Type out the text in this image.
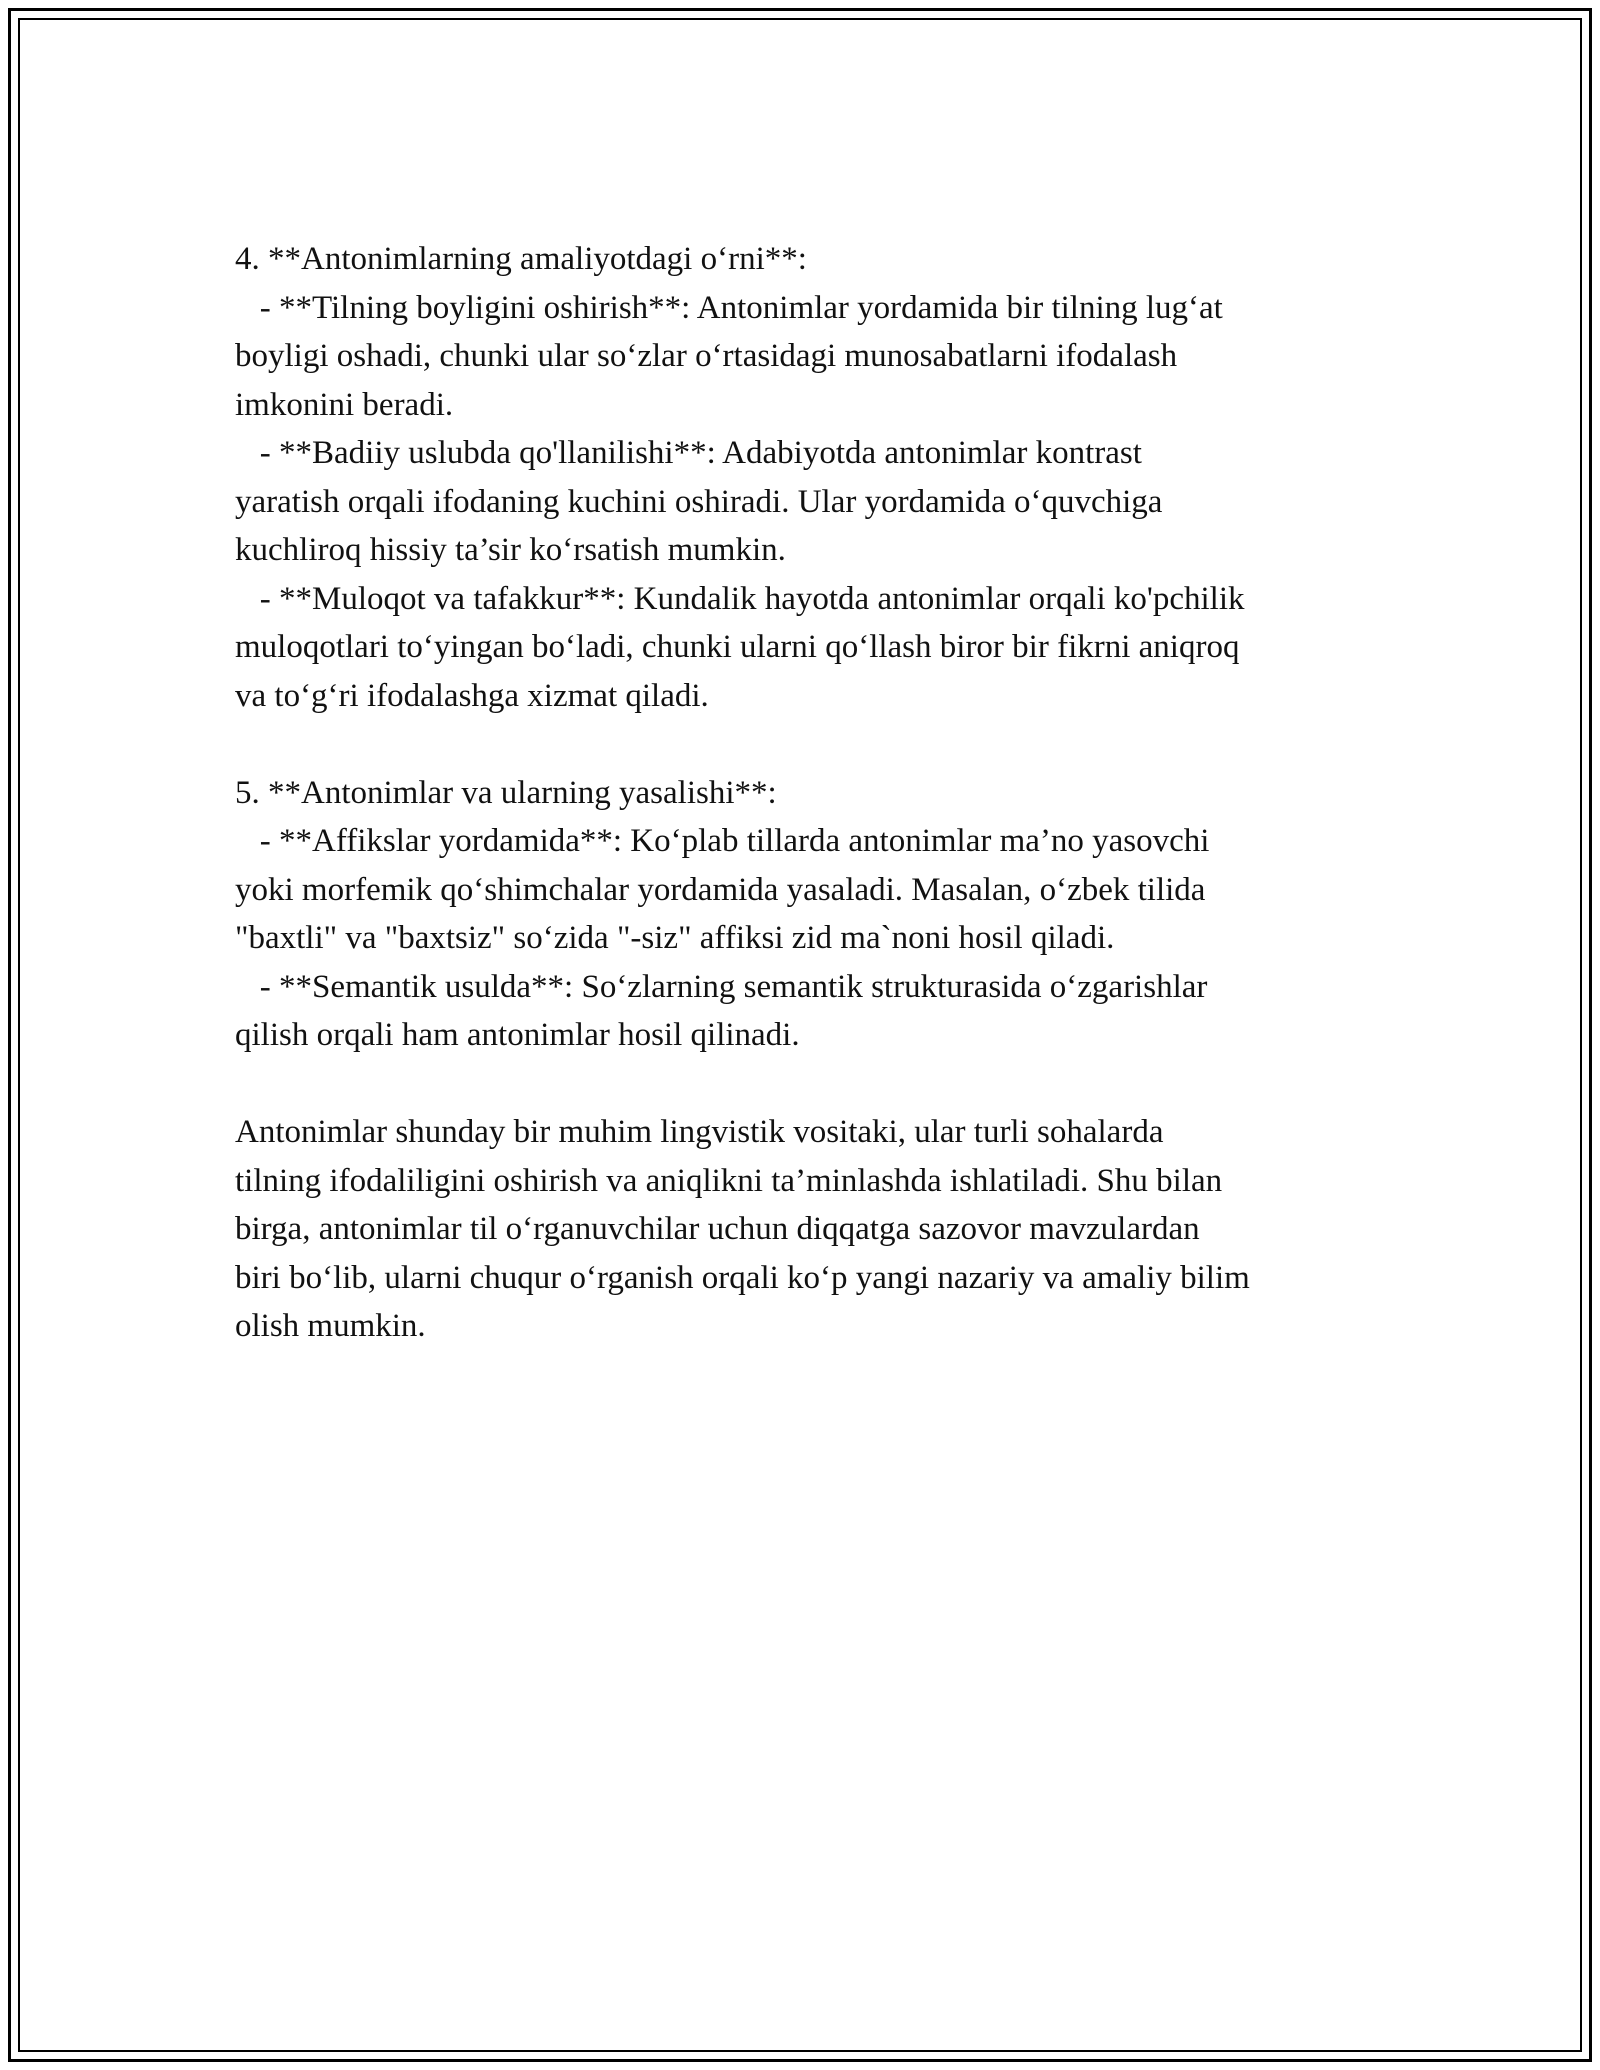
4. **Antonimlarning amaliyotdagi o‘rni**:
- **Tilning boyligini oshirish**: Antonimlar yordamida bir tilning lug‘at
boyligi oshadi, chunki ular so‘zlar o‘rtasidagi munosabatlarni ifodalash
imkonini beradi.
- **Badiiy uslubda qo'llanilishi**: Adabiyotda antonimlar kontrast
yaratish orqali ifodaning kuchini oshiradi. Ular yordamida o‘quvchiga
kuchliroq hissiy ta’sir ko‘rsatish mumkin.
- **Muloqot va tafakkur**: Kundalik hayotda antonimlar orqali ko'pchilik
muloqotlari to‘yingan bo‘ladi, chunki ularni qo‘llash biror bir fikrni aniqroq
va to‘g‘ri ifodalashga xizmat qiladi.
5. **Antonimlar va ularning yasalishi**:
- **Affikslar yordamida**: Ko‘plab tillarda antonimlar ma’no yasovchi
yoki morfemik qo‘shimchalar yordamida yasaladi. Masalan, o‘zbek tilida
"baxtli" va "baxtsiz" so‘zida "-siz" affiksi zid ma`noni hosil qiladi.
- **Semantik usulda**: So‘zlarning semantik strukturasida o‘zgarishlar
qilish orqali ham antonimlar hosil qilinadi.
Antonimlar shunday bir muhim lingvistik vositaki, ular turli sohalarda
tilning ifodaliligini oshirish va aniqlikni ta’minlashda ishlatiladi. Shu bilan
birga, antonimlar til o‘rganuvchilar uchun diqqatga sazovor mavzulardan
biri bo‘lib, ularni chuqur o‘rganish orqali ko‘p yangi nazariy va amaliy bilim
olish mumkin.
